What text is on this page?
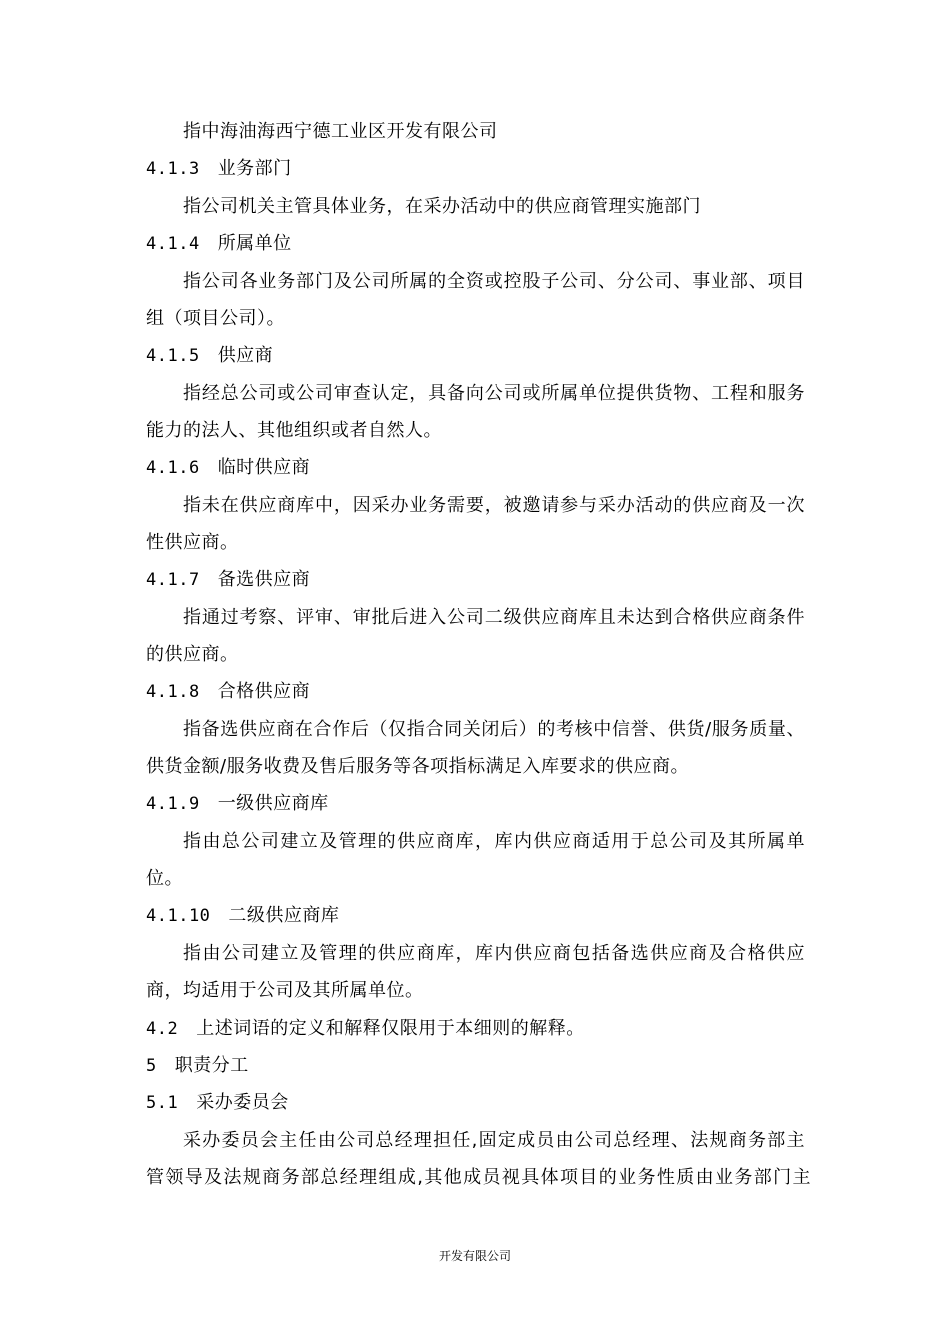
指中海油海西宁德工业区开发有限公司
4.1.3 业务部门
指公司机关主管具体业务，在采办活动中的供应商管理实施部门
4.1.4 所属单位
指公司各业务部门及公司所属的全资或控股子公司、分公司、事业部、项目
组（项目公司）。
4.1.5 供应商
指经总公司或公司审查认定，具备向公司或所属单位提供货物、工程和服务
能力的法人、其他组织或者自然人。
4.1.6 临时供应商
指未在供应商库中，因采办业务需要，被邀请参与采办活动的供应商及一次
性供应商。
4.1.7 备选供应商
指通过考察、评审、审批后进入公司二级供应商库且未达到合格供应商条件
的供应商。
4.1.8 合格供应商
指备选供应商在合作后（仅指合同关闭后）的考核中信誉、供货/服务质量、
供货金额/服务收费及售后服务等各项指标满足入库要求的供应商。
4.1.9 一级供应商库
指由总公司建立及管理的供应商库，库内供应商适用于总公司及其所属单
位。
4.1.10 二级供应商库
指由公司建立及管理的供应商库，库内供应商包括备选供应商及合格供应
商，均适用于公司及其所属单位。
4.2 上述词语的定义和解释仅限用于本细则的解释。
5 职责分工
5.1 采办委员会
采办委员会主任由公司总经理担任,固定成员由公司总经理、法规商务部主
管领导及法规商务部总经理组成,其他成员视具体项目的业务性质由业务部门主
开发有限公司
